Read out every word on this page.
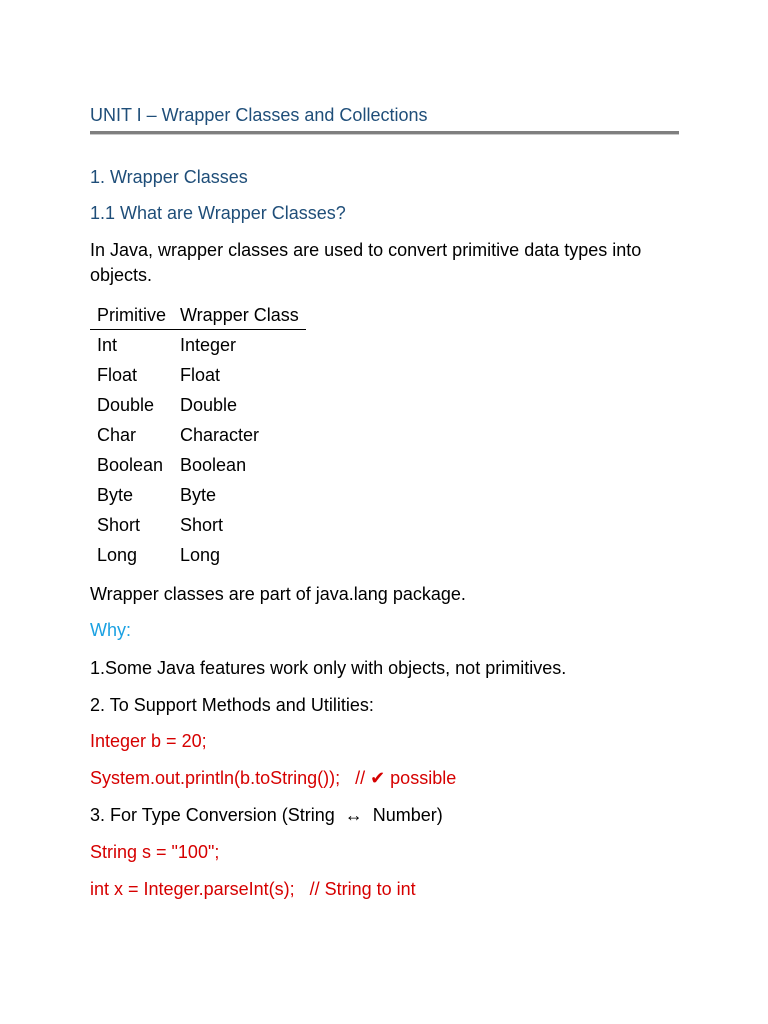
UNIT I – Wrapper Classes and Collections
1. Wrapper Classes
1.1 What are Wrapper Classes?
In Java, wrapper classes are used to convert primitive data types into objects.
Primitive	Wrapper Class
Int	Integer
Float	Float
Double	Double
Char	Character
Boolean	Boolean
Byte	Byte
Short	Short
Long	Long
Wrapper classes are part of java.lang package.
Why:
1.Some Java features work only with objects, not primitives.
2. To Support Methods and Utilities:
Integer b = 20;
System.out.println(b.toString());   // ✔ possible
3. For Type Conversion (String  ↔  Number)
String s = "100";
int x = Integer.parseInt(s);   // String to int
